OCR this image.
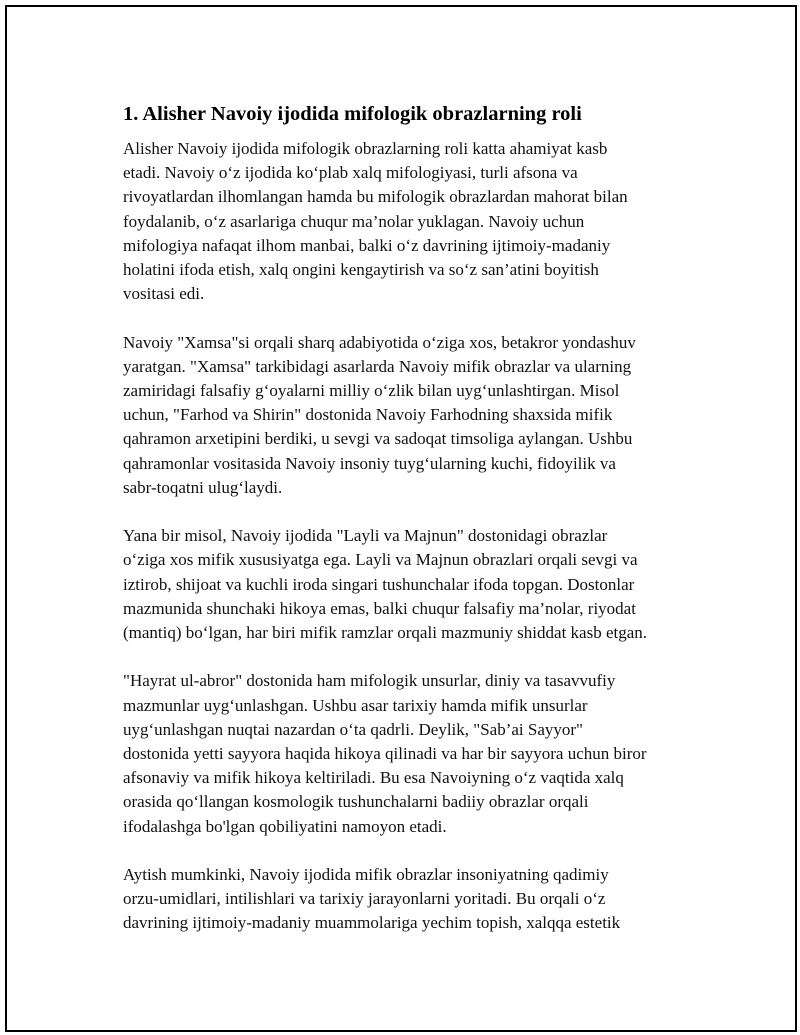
1. Alisher Navoiy ijodida mifologik obrazlarning roli

Alisher Navoiy ijodida mifologik obrazlarning roli katta ahamiyat kasb
etadi. Navoiy o‘z ijodida ko‘plab xalq mifologiyasi, turli afsona va
rivoyatlardan ilhomlangan hamda bu mifologik obrazlardan mahorat bilan
foydalanib, o‘z asarlariga chuqur ma’nolar yuklagan. Navoiy uchun
mifologiya nafaqat ilhom manbai, balki o‘z davrining ijtimoiy-madaniy
holatini ifoda etish, xalq ongini kengaytirish va so‘z san’atini boyitish
vositasi edi.

Navoiy "Xamsa"si orqali sharq adabiyotida o‘ziga xos, betakror yondashuv
yaratgan. "Xamsa" tarkibidagi asarlarda Navoiy mifik obrazlar va ularning
zamiridagi falsafiy g‘oyalarni milliy o‘zlik bilan uyg‘unlashtirgan. Misol
uchun, "Farhod va Shirin" dostonida Navoiy Farhodning shaxsida mifik
qahramon arxetipini berdiki, u sevgi va sadoqat timsoliga aylangan. Ushbu
qahramonlar vositasida Navoiy insoniy tuyg‘ularning kuchi, fidoyilik va
sabr-toqatni ulug‘laydi.

Yana bir misol, Navoiy ijodida "Layli va Majnun" dostonidagi obrazlar
o‘ziga xos mifik xususiyatga ega. Layli va Majnun obrazlari orqali sevgi va
iztirob, shijoat va kuchli iroda singari tushunchalar ifoda topgan. Dostonlar
mazmunida shunchaki hikoya emas, balki chuqur falsafiy ma’nolar, riyodat
(mantiq) bo‘lgan, har biri mifik ramzlar orqali mazmuniy shiddat kasb etgan.

"Hayrat ul-abror" dostonida ham mifologik unsurlar, diniy va tasavvufiy
mazmunlar uyg‘unlashgan. Ushbu asar tarixiy hamda mifik unsurlar
uyg‘unlashgan nuqtai nazardan o‘ta qadrli. Deylik, "Sab’ai Sayyor"
dostonida yetti sayyora haqida hikoya qilinadi va har bir sayyora uchun biror
afsonaviy va mifik hikoya keltiriladi. Bu esa Navoiyning o‘z vaqtida xalq
orasida qo‘llangan kosmologik tushunchalarni badiiy obrazlar orqali
ifodalashga bo'lgan qobiliyatini namoyon etadi.

Aytish mumkinki, Navoiy ijodida mifik obrazlar insoniyatning qadimiy
orzu-umidlari, intilishlari va tarixiy jarayonlarni yoritadi. Bu orqali o‘z
davrining ijtimoiy-madaniy muammolariga yechim topish, xalqqa estetik
